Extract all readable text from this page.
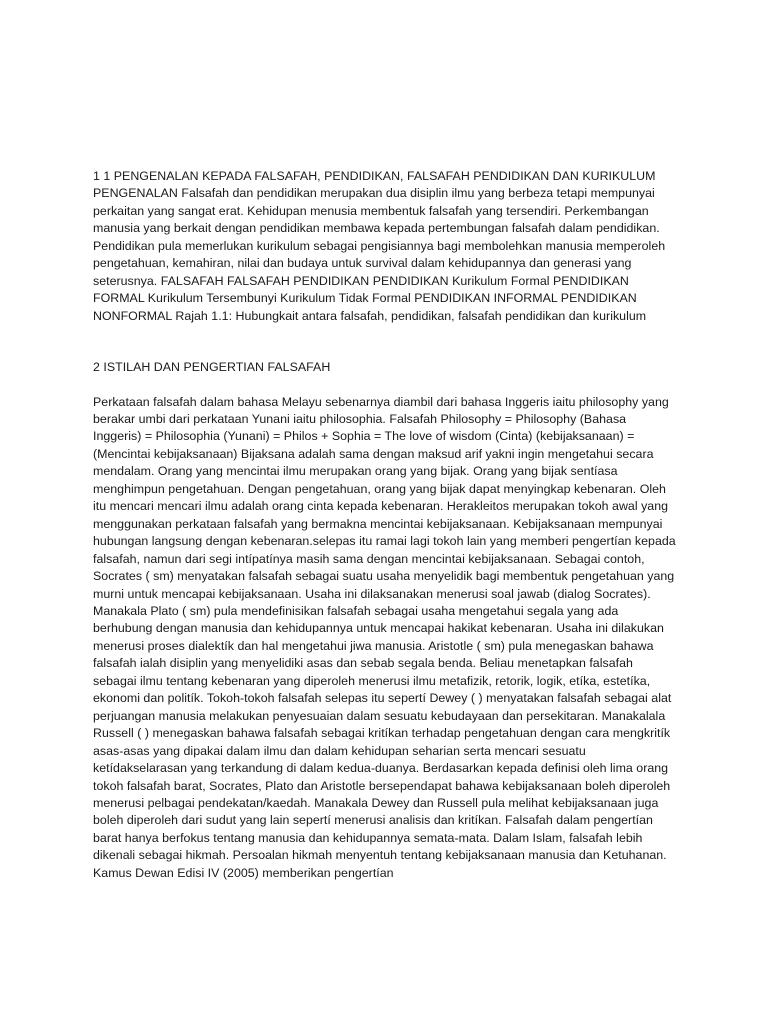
1 1 PENGENALAN KEPADA FALSAFAH, PENDIDIKAN, FALSAFAH PENDIDIKAN DAN KURIKULUM PENGENALAN Falsafah dan pendidikan merupakan dua disiplin ilmu yang berbeza tetapi mempunyai perkaitan yang sangat erat. Kehidupan menusia membentuk falsafah yang tersendiri. Perkembangan manusia yang berkait dengan pendidikan membawa kepada pertembungan falsafah dalam pendidikan. Pendidikan pula memerlukan kurikulum sebagai pengisiannya bagi membolehkan manusia memperoleh pengetahuan, kemahiran, nilai dan budaya untuk survival dalam kehidupannya dan generasi yang seterusnya. FALSAFAH FALSAFAH PENDIDIKAN PENDIDIKAN Kurikulum Formal PENDIDIKAN FORMAL Kurikulum Tersembunyi Kurikulum Tidak Formal PENDIDIKAN INFORMAL PENDIDIKAN NONFORMAL Rajah 1.1: Hubungkait antara falsafah, pendidikan, falsafah pendidikan dan kurikulum

2 ISTILAH DAN PENGERTIAN FALSAFAH

Perkataan falsafah dalam bahasa Melayu sebenarnya diambil dari bahasa Inggeris iaitu philosophy yang berakar umbi dari perkataan Yunani iaitu philosophia. Falsafah Philosophy = Philosophy (Bahasa Inggeris) = Philosophia (Yunani) = Philos + Sophia = The love of wisdom (Cinta) (kebijaksanaan) = (Mencintai kebijaksanaan) Bijaksana adalah sama dengan maksud arif yakni ingin mengetahui secara mendalam. Orang yang mencintai ilmu merupakan orang yang bijak. Orang yang bijak sentíasa menghimpun pengetahuan. Dengan pengetahuan, orang yang bijak dapat menyingkap kebenaran. Oleh itu mencari mencari ilmu adalah orang cinta kepada kebenaran. Herakleitos merupakan tokoh awal yang menggunakan perkataan falsafah yang bermakna mencintai kebijaksanaan. Kebijaksanaan mempunyai hubungan langsung dengan kebenaran.selepas itu ramai lagi tokoh lain yang memberi pengertían kepada falsafah, namun dari segi intípatínya masih sama dengan mencintai kebijaksanaan. Sebagai contoh, Socrates ( sm) menyatakan falsafah sebagai suatu usaha menyelidik bagi membentuk pengetahuan yang murni untuk mencapai kebijaksanaan. Usaha ini dilaksanakan menerusi soal jawab (dialog Socrates). Manakala Plato ( sm) pula mendefinisikan falsafah sebagai usaha mengetahui segala yang ada berhubung dengan manusia dan kehidupannya untuk mencapai hakikat kebenaran. Usaha ini dilakukan menerusi proses dialektík dan hal mengetahui jiwa manusia. Aristotle ( sm) pula menegaskan bahawa falsafah ialah disiplin yang menyelidiki asas dan sebab segala benda. Beliau menetapkan falsafah sebagai ilmu tentang kebenaran yang diperoleh menerusi ilmu metafizik, retorik, logik, etíka, estetíka, ekonomi dan politík. Tokoh-tokoh falsafah selepas itu sepertí Dewey ( ) menyatakan falsafah sebagai alat perjuangan manusia melakukan penyesuaian dalam sesuatu kebudayaan dan persekitaran. Manakalala Russell ( ) menegaskan bahawa falsafah sebagai kritíkan terhadap pengetahuan dengan cara mengkritík asas-asas yang dipakai dalam ilmu dan dalam kehidupan seharian serta mencari sesuatu ketídakselarasan yang terkandung di dalam kedua-duanya. Berdasarkan kepada definisi oleh lima orang tokoh falsafah barat, Socrates, Plato dan Aristotle bersependapat bahawa kebijaksanaan boleh diperoleh menerusi pelbagai pendekatan/kaedah. Manakala Dewey dan Russell pula melihat kebijaksanaan juga boleh diperoleh dari sudut yang lain sepertí menerusi analisis dan kritíkan. Falsafah dalam pengertían barat hanya berfokus tentang manusia dan kehidupannya semata-mata. Dalam Islam, falsafah lebih dikenali sebagai hikmah. Persoalan hikmah menyentuh tentang kebijaksanaan manusia dan Ketuhanan. Kamus Dewan Edisi IV (2005) memberikan pengertían
